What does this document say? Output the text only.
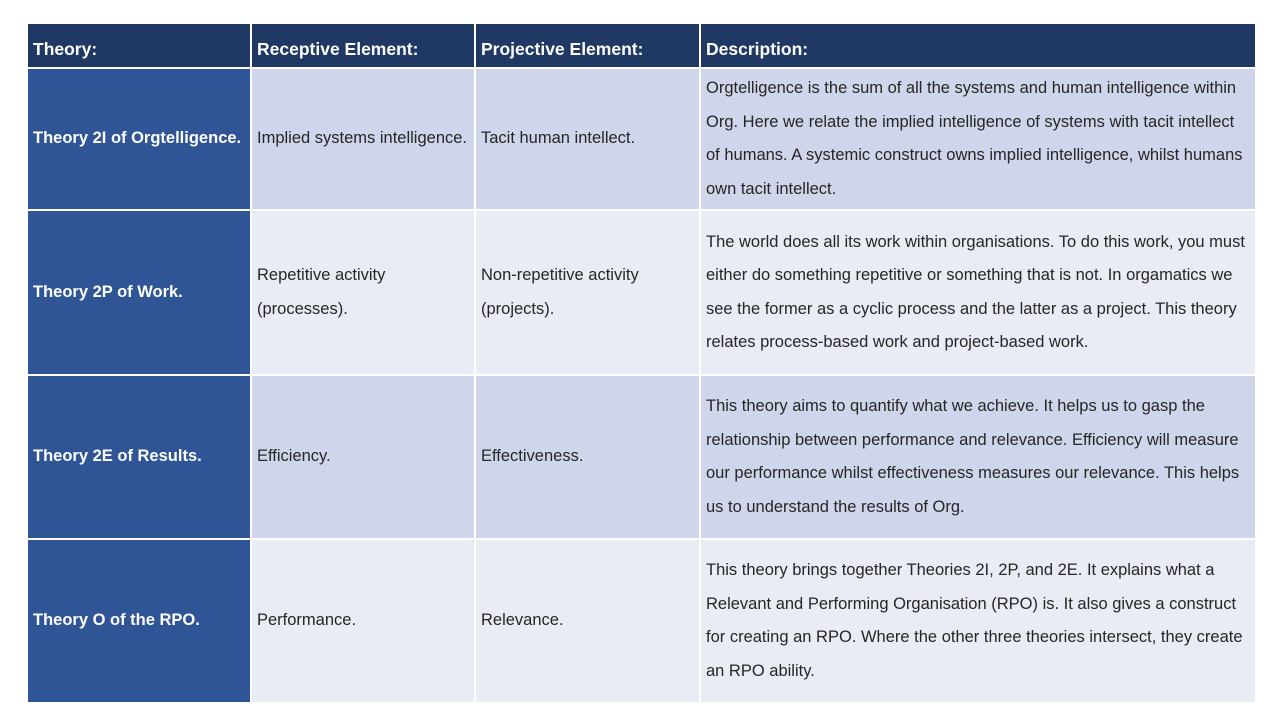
Theory:	Receptive Element:	Projective Element:	Description:
Theory 2I of Orgtelligence.	Implied systems intelligence.	Tacit human intellect.	Orgtelligence is the sum of all the systems and human intelligence within Org. Here we relate the implied intelligence of systems with tacit intellect of humans. A systemic construct owns implied intelligence, whilst humans own tacit intellect.
Theory 2P of Work.	Repetitive activity (processes).	Non-repetitive activity (projects).	The world does all its work within organisations. To do this work, you must either do something repetitive or something that is not. In orgamatics we see the former as a cyclic process and the latter as a project. This theory relates process-based work and project-based work.
Theory 2E of Results.	Efficiency.	Effectiveness.	This theory aims to quantify what we achieve. It helps us to gasp the relationship between performance and relevance. Efficiency will measure our performance whilst effectiveness measures our relevance. This helps us to understand the results of Org.
Theory O of the RPO.	Performance.	Relevance.	This theory brings together Theories 2I, 2P, and 2E. It explains what a Relevant and Performing Organisation (RPO) is. It also gives a construct for creating an RPO. Where the other three theories intersect, they create an RPO ability.
